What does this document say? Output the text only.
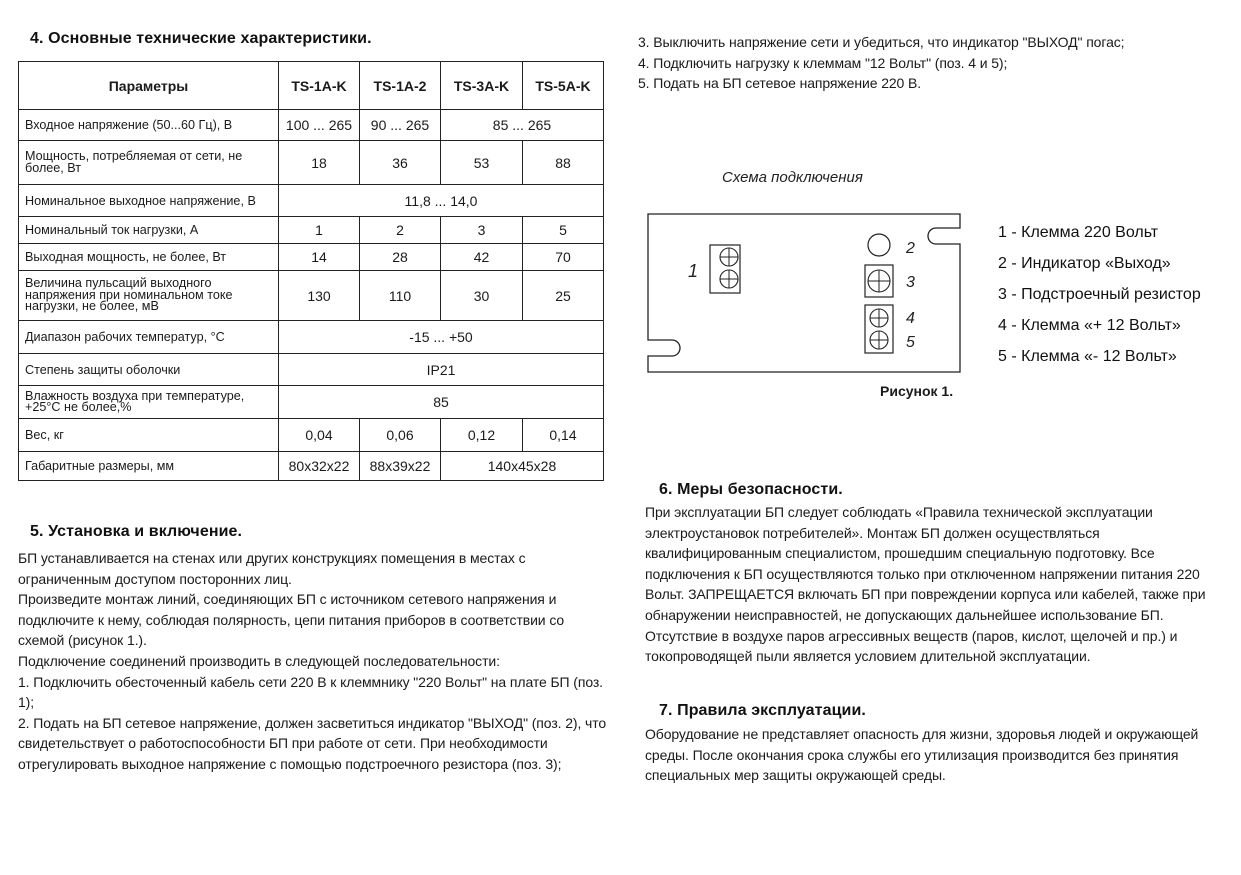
4. Основные технические характеристики.
Параметры	TS-1A-K	TS-1A-2	TS-3A-K	TS-5A-K
Входное напряжение (50...60 Гц), В	100 ... 265	90 ... 265	85 ... 265	
Мощность, потребляемая от сети, не более, Вт	18	36	53	88
Номинальное выходное напряжение, В	11,8 ... 14,0			
Номинальный ток нагрузки, А	1	2	3	5
Выходная мощность, не более, Вт	14	28	42	70
Величина пульсаций выходного напряжения при номинальном токе нагрузки, не более, мВ	130	110	30	25
Диапазон рабочих температур, °С	-15 ... +50			
Степень защиты оболочки	IP21			
Влажность воздуха при температуре, +25°С не более,%	85			
Вес, кг	0,04	0,06	0,12	0,14
Габаритные размеры, мм	80х32х22	88х39х22	140х45х28	
5. Установка и включение.

БП устанавливается на стенах или других конструкциях помещения в местах с ограниченным доступом посторонних лиц.

Произведите монтаж линий, соединяющих БП с источником сетевого напряжения и подключите к нему, соблюдая полярность, цепи питания приборов в соответствии со схемой (рисунок 1.).

Подключение соединений производить в следующей последовательности:

1. Подключить обесточенный кабель сети 220 В к клеммнику "220 Вольт" на плате БП (поз. 1);

2. Подать на БП сетевое напряжение, должен засветиться индикатор "ВЫХОД" (поз. 2), что свидетельствует о работоспособности БП при работе от сети. При необходимости отрегулировать выходное напряжение с помощью подстроечного резистора (поз. 3);

3. Выключить напряжение сети и убедиться, что индикатор "ВЫХОД" погас;

4. Подключить нагрузку к клеммам "12 Вольт" (поз. 4 и 5);

5. Подать на БП сетевое напряжение 220 В.

Схема подключения
1
2
3
4
5
1 - Клемма 220 Вольт
2 - Индикатор «Выход»
3 - Подстроечный резистор
4 - Клемма «+ 12 Вольт»
5 - Клемма «- 12 Вольт»
Рисунок 1.
6. Меры безопасности.

При эксплуатации БП следует соблюдать «Правила технической эксплуатации электроустановок потребителей». Монтаж БП должен осуществляться квалифицированным специалистом, прошедшим специальную подготовку. Все подключения к БП осуществляются только при отключенном напряжении питания 220 Вольт. ЗАПРЕЩАЕТСЯ включать БП при повреждении корпуса или кабелей, также при обнаружении неисправностей, не допускающих дальнейшее использование БП. Отсутствие в воздухе паров агрессивных веществ (паров, кислот, щелочей и пр.) и токопроводящей пыли является условием длительной эксплуатации.

7. Правила эксплуатации.

Оборудование не представляет опасность для жизни, здоровья людей и окружающей среды. После окончания срока службы его утилизация производится без принятия специальных мер защиты окружающей среды.
